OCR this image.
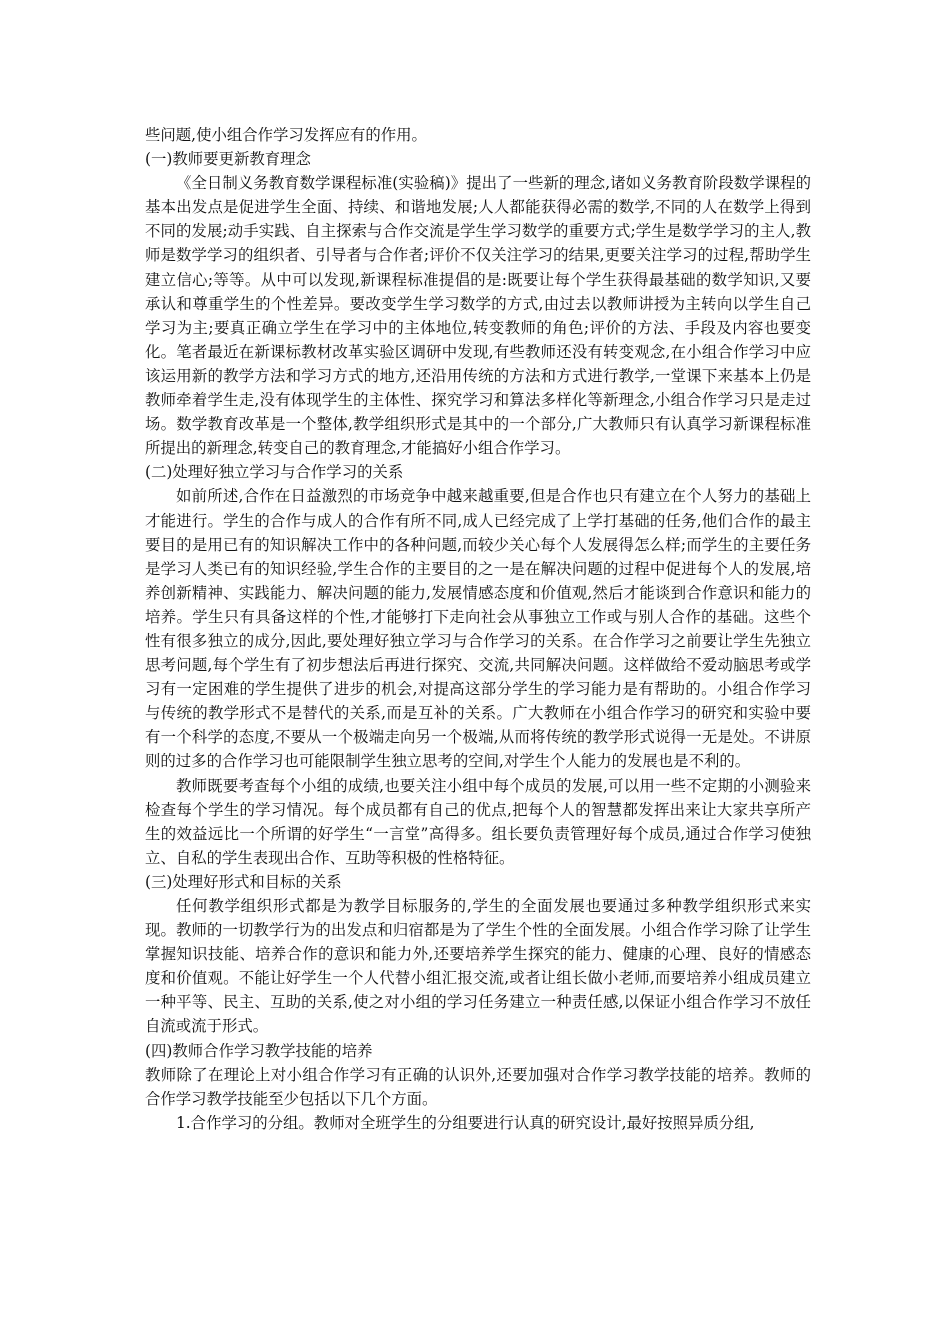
些问题,使小组合作学习发挥应有的作用。

(一)教师要更新教育理念

《全日制义务教育数学课程标准(实验稿)》提出了一些新的理念,诸如义务教育阶段数学课程的基本出发点是促进学生全面、持续、和谐地发展;人人都能获得必需的数学,不同的人在数学上得到不同的发展;动手实践、自主探索与合作交流是学生学习数学的重要方式;学生是数学学习的主人,教师是数学学习的组织者、引导者与合作者;评价不仅关注学习的结果,更要关注学习的过程,帮助学生建立信心;等等。从中可以发现,新课程标准提倡的是:既要让每个学生获得最基础的数学知识,又要承认和尊重学生的个性差异。要改变学生学习数学的方式,由过去以教师讲授为主转向以学生自己学习为主;要真正确立学生在学习中的主体地位,转变教师的角色;评价的方法、手段及内容也要变化。笔者最近在新课标教材改革实验区调研中发现,有些教师还没有转变观念,在小组合作学习中应该运用新的教学方法和学习方式的地方,还沿用传统的方法和方式进行教学,一堂课下来基本上仍是教师牵着学生走,没有体现学生的主体性、探究学习和算法多样化等新理念,小组合作学习只是走过场。数学教育改革是一个整体,教学组织形式是其中的一个部分,广大教师只有认真学习新课程标准所提出的新理念,转变自己的教育理念,才能搞好小组合作学习。

(二)处理好独立学习与合作学习的关系

如前所述,合作在日益激烈的市场竞争中越来越重要,但是合作也只有建立在个人努力的基础上才能进行。学生的合作与成人的合作有所不同,成人已经完成了上学打基础的任务,他们合作的最主要目的是用已有的知识解决工作中的各种问题,而较少关心每个人发展得怎么样;而学生的主要任务是学习人类已有的知识经验,学生合作的主要目的之一是在解决问题的过程中促进每个人的发展,培养创新精神、实践能力、解决问题的能力,发展情感态度和价值观,然后才能谈到合作意识和能力的培养。学生只有具备这样的个性,才能够打下走向社会从事独立工作或与别人合作的基础。这些个性有很多独立的成分,因此,要处理好独立学习与合作学习的关系。在合作学习之前要让学生先独立思考问题,每个学生有了初步想法后再进行探究、交流,共同解决问题。这样做给不爱动脑思考或学习有一定困难的学生提供了进步的机会,对提高这部分学生的学习能力是有帮助的。小组合作学习与传统的教学形式不是替代的关系,而是互补的关系。广大教师在小组合作学习的研究和实验中要有一个科学的态度,不要从一个极端走向另一个极端,从而将传统的教学形式说得一无是处。不讲原则的过多的合作学习也可能限制学生独立思考的空间,对学生个人能力的发展也是不利的。

教师既要考查每个小组的成绩,也要关注小组中每个成员的发展,可以用一些不定期的小测验来检查每个学生的学习情况。每个成员都有自己的优点,把每个人的智慧都发挥出来让大家共享所产生的效益远比一个所谓的好学生“一言堂”高得多。组长要负责管理好每个成员,通过合作学习使独立、自私的学生表现出合作、互助等积极的性格特征。

(三)处理好形式和目标的关系

任何教学组织形式都是为教学目标服务的,学生的全面发展也要通过多种教学组织形式来实现。教师的一切教学行为的出发点和归宿都是为了学生个性的全面发展。小组合作学习除了让学生掌握知识技能、培养合作的意识和能力外,还要培养学生探究的能力、健康的心理、良好的情感态度和价值观。不能让好学生一个人代替小组汇报交流,或者让组长做小老师,而要培养小组成员建立一种平等、民主、互助的关系,使之对小组的学习任务建立一种责任感,以保证小组合作学习不放任自流或流于形式。

(四)教师合作学习教学技能的培养

教师除了在理论上对小组合作学习有正确的认识外,还要加强对合作学习教学技能的培养。教师的合作学习教学技能至少包括以下几个方面。

1.合作学习的分组。教师对全班学生的分组要进行认真的研究设计,最好按照异质分组,
